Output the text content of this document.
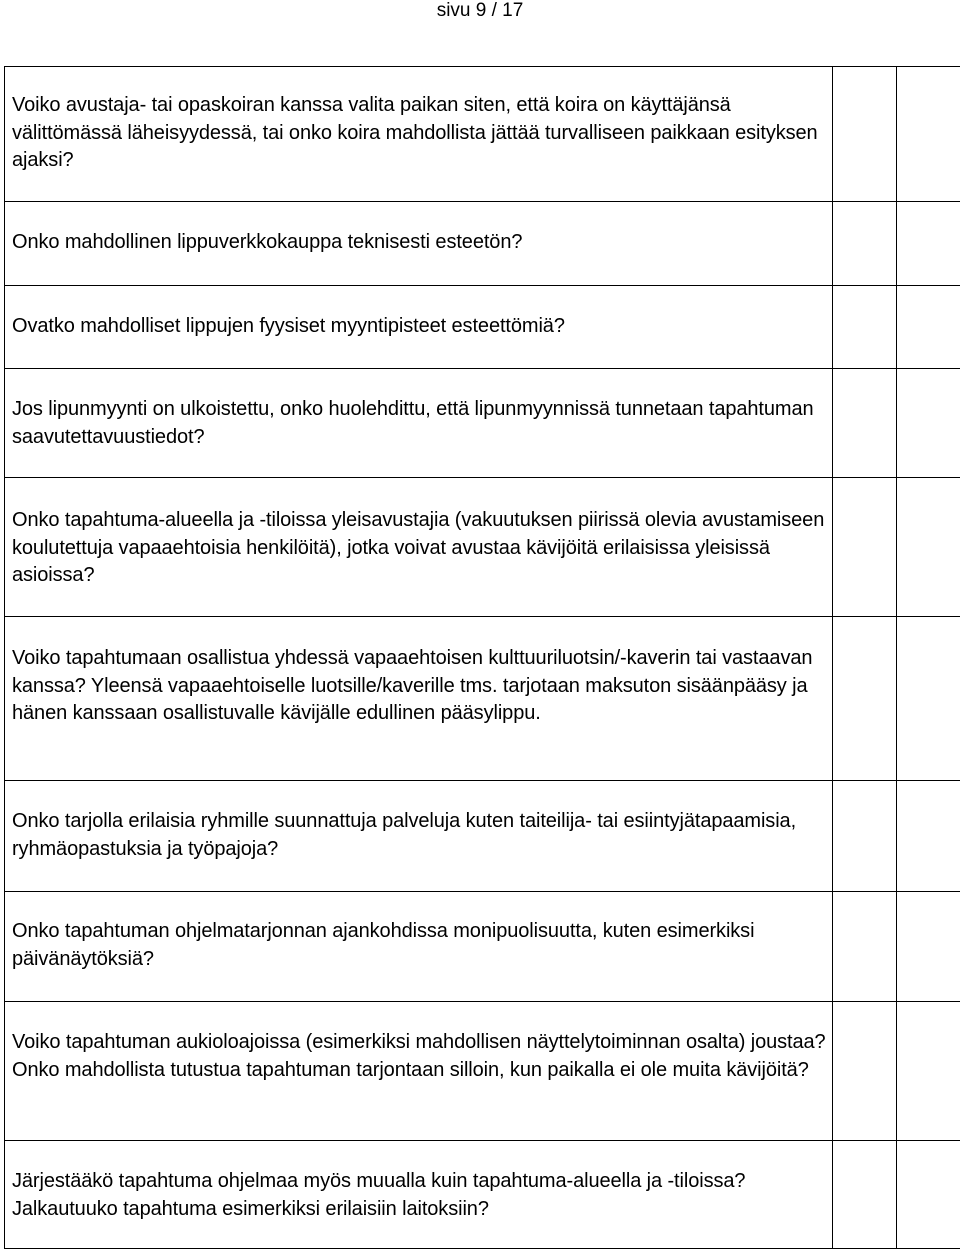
sivu 9 / 17
Voiko avustaja- tai opaskoiran kanssa valita paikan siten, että koira on käyttäjänsä välittömässä läheisyydessä, tai onko koira mahdollista jättää turvalliseen paikkaan esityksen ajaksi?		

Onko mahdollinen lippuverkkokauppa teknisesti esteetön?		

Ovatko mahdolliset lippujen fyysiset myyntipisteet esteettömiä?		

Jos lipunmyynti on ulkoistettu, onko huolehdittu, että lipunmyynnissä tunnetaan tapahtuman saavutettavuustiedot?		

Onko tapahtuma-alueella ja -tiloissa yleisavustajia (vakuutuksen piirissä olevia avustamiseen koulutettuja vapaaehtoisia henkilöitä), jotka voivat avustaa kävijöitä erilaisissa yleisissä asioissa?		

Voiko tapahtumaan osallistua yhdessä vapaaehtoisen kulttuuriluotsin/-kaverin tai vastaavan kanssa? Yleensä vapaaehtoiselle luotsille/kaverille tms. tarjotaan maksuton sisäänpääsy ja hänen kanssaan osallistuvalle kävijälle edullinen pääsylippu.		

Onko tarjolla erilaisia ryhmille suunnattuja palveluja kuten taiteilija- tai esiintyjätapaamisia, ryhmäopastuksia ja työpajoja?		

Onko tapahtuman ohjelmatarjonnan ajankohdissa monipuolisuutta, kuten esimerkiksi päivänäytöksiä?		

Voiko tapahtuman aukioloajoissa (esimerkiksi mahdollisen näyttelytoiminnan osalta) joustaa? Onko mahdollista tutustua tapahtuman tarjontaan silloin, kun paikalla ei ole muita kävijöitä?		

Järjestääkö tapahtuma ohjelmaa myös muualla kuin tapahtuma-alueella ja -tiloissa? Jalkautuuko tapahtuma esimerkiksi erilaisiin laitoksiin?		
